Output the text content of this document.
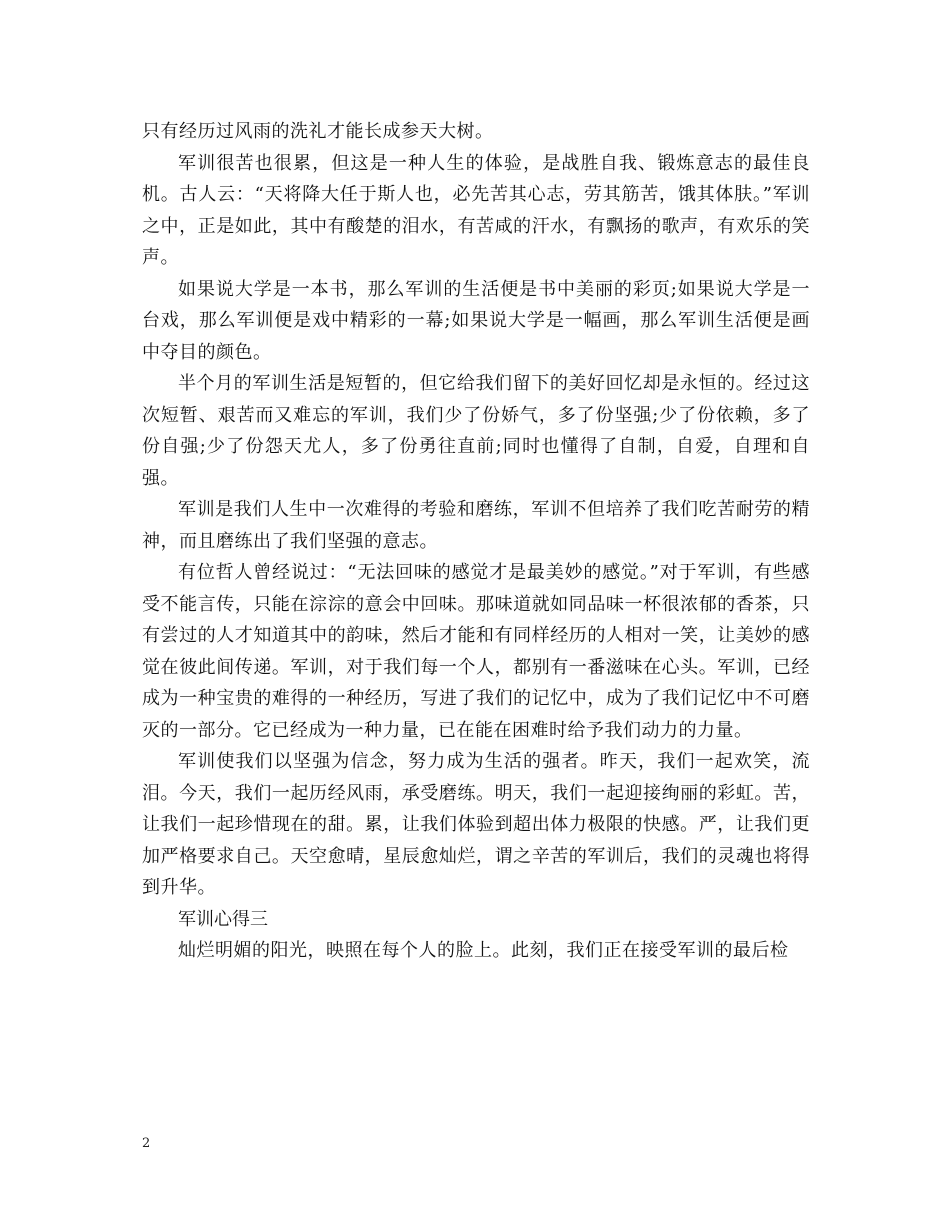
只有经历过风雨的洗礼才能长成参天大树。

军训很苦也很累，但这是一种人生的体验，是战胜自我、锻炼意志的最佳良机。古人云：“天将降大任于斯人也，必先苦其心志，劳其筋苦，饿其体肤。”军训之中，正是如此，其中有酸楚的泪水，有苦咸的汗水，有飘扬的歌声，有欢乐的笑声。

如果说大学是一本书，那么军训的生活便是书中美丽的彩页;如果说大学是一台戏，那么军训便是戏中精彩的一幕;如果说大学是一幅画，那么军训生活便是画中夺目的颜色。

半个月的军训生活是短暂的，但它给我们留下的美好回忆却是永恒的。经过这次短暂、艰苦而又难忘的军训，我们少了份娇气，多了份坚强;少了份依赖，多了份自强;少了份怨天尤人，多了份勇往直前;同时也懂得了自制，自爱，自理和自强。

军训是我们人生中一次难得的考验和磨练，军训不但培养了我们吃苦耐劳的精神，而且磨练出了我们坚强的意志。

有位哲人曾经说过：“无法回味的感觉才是最美妙的感觉。”对于军训，有些感受不能言传，只能在淙淙的意会中回味。那味道就如同品味一杯很浓郁的香茶，只有尝过的人才知道其中的韵味，然后才能和有同样经历的人相对一笑，让美妙的感觉在彼此间传递。军训，对于我们每一个人，都别有一番滋味在心头。军训，已经成为一种宝贵的难得的一种经历，写进了我们的记忆中，成为了我们记忆中不可磨灭的一部分。它已经成为一种力量，已在能在困难时给予我们动力的力量。

军训使我们以坚强为信念，努力成为生活的强者。昨天，我们一起欢笑，流泪。今天，我们一起历经风雨，承受磨练。明天，我们一起迎接绚丽的彩虹。苦，让我们一起珍惜现在的甜。累，让我们体验到超出体力极限的快感。严，让我们更加严格要求自己。天空愈晴，星辰愈灿烂，谓之辛苦的军训后，我们的灵魂也将得到升华。

军训心得三

灿烂明媚的阳光，映照在每个人的脸上。此刻，我们正在接受军训的最后检

2
